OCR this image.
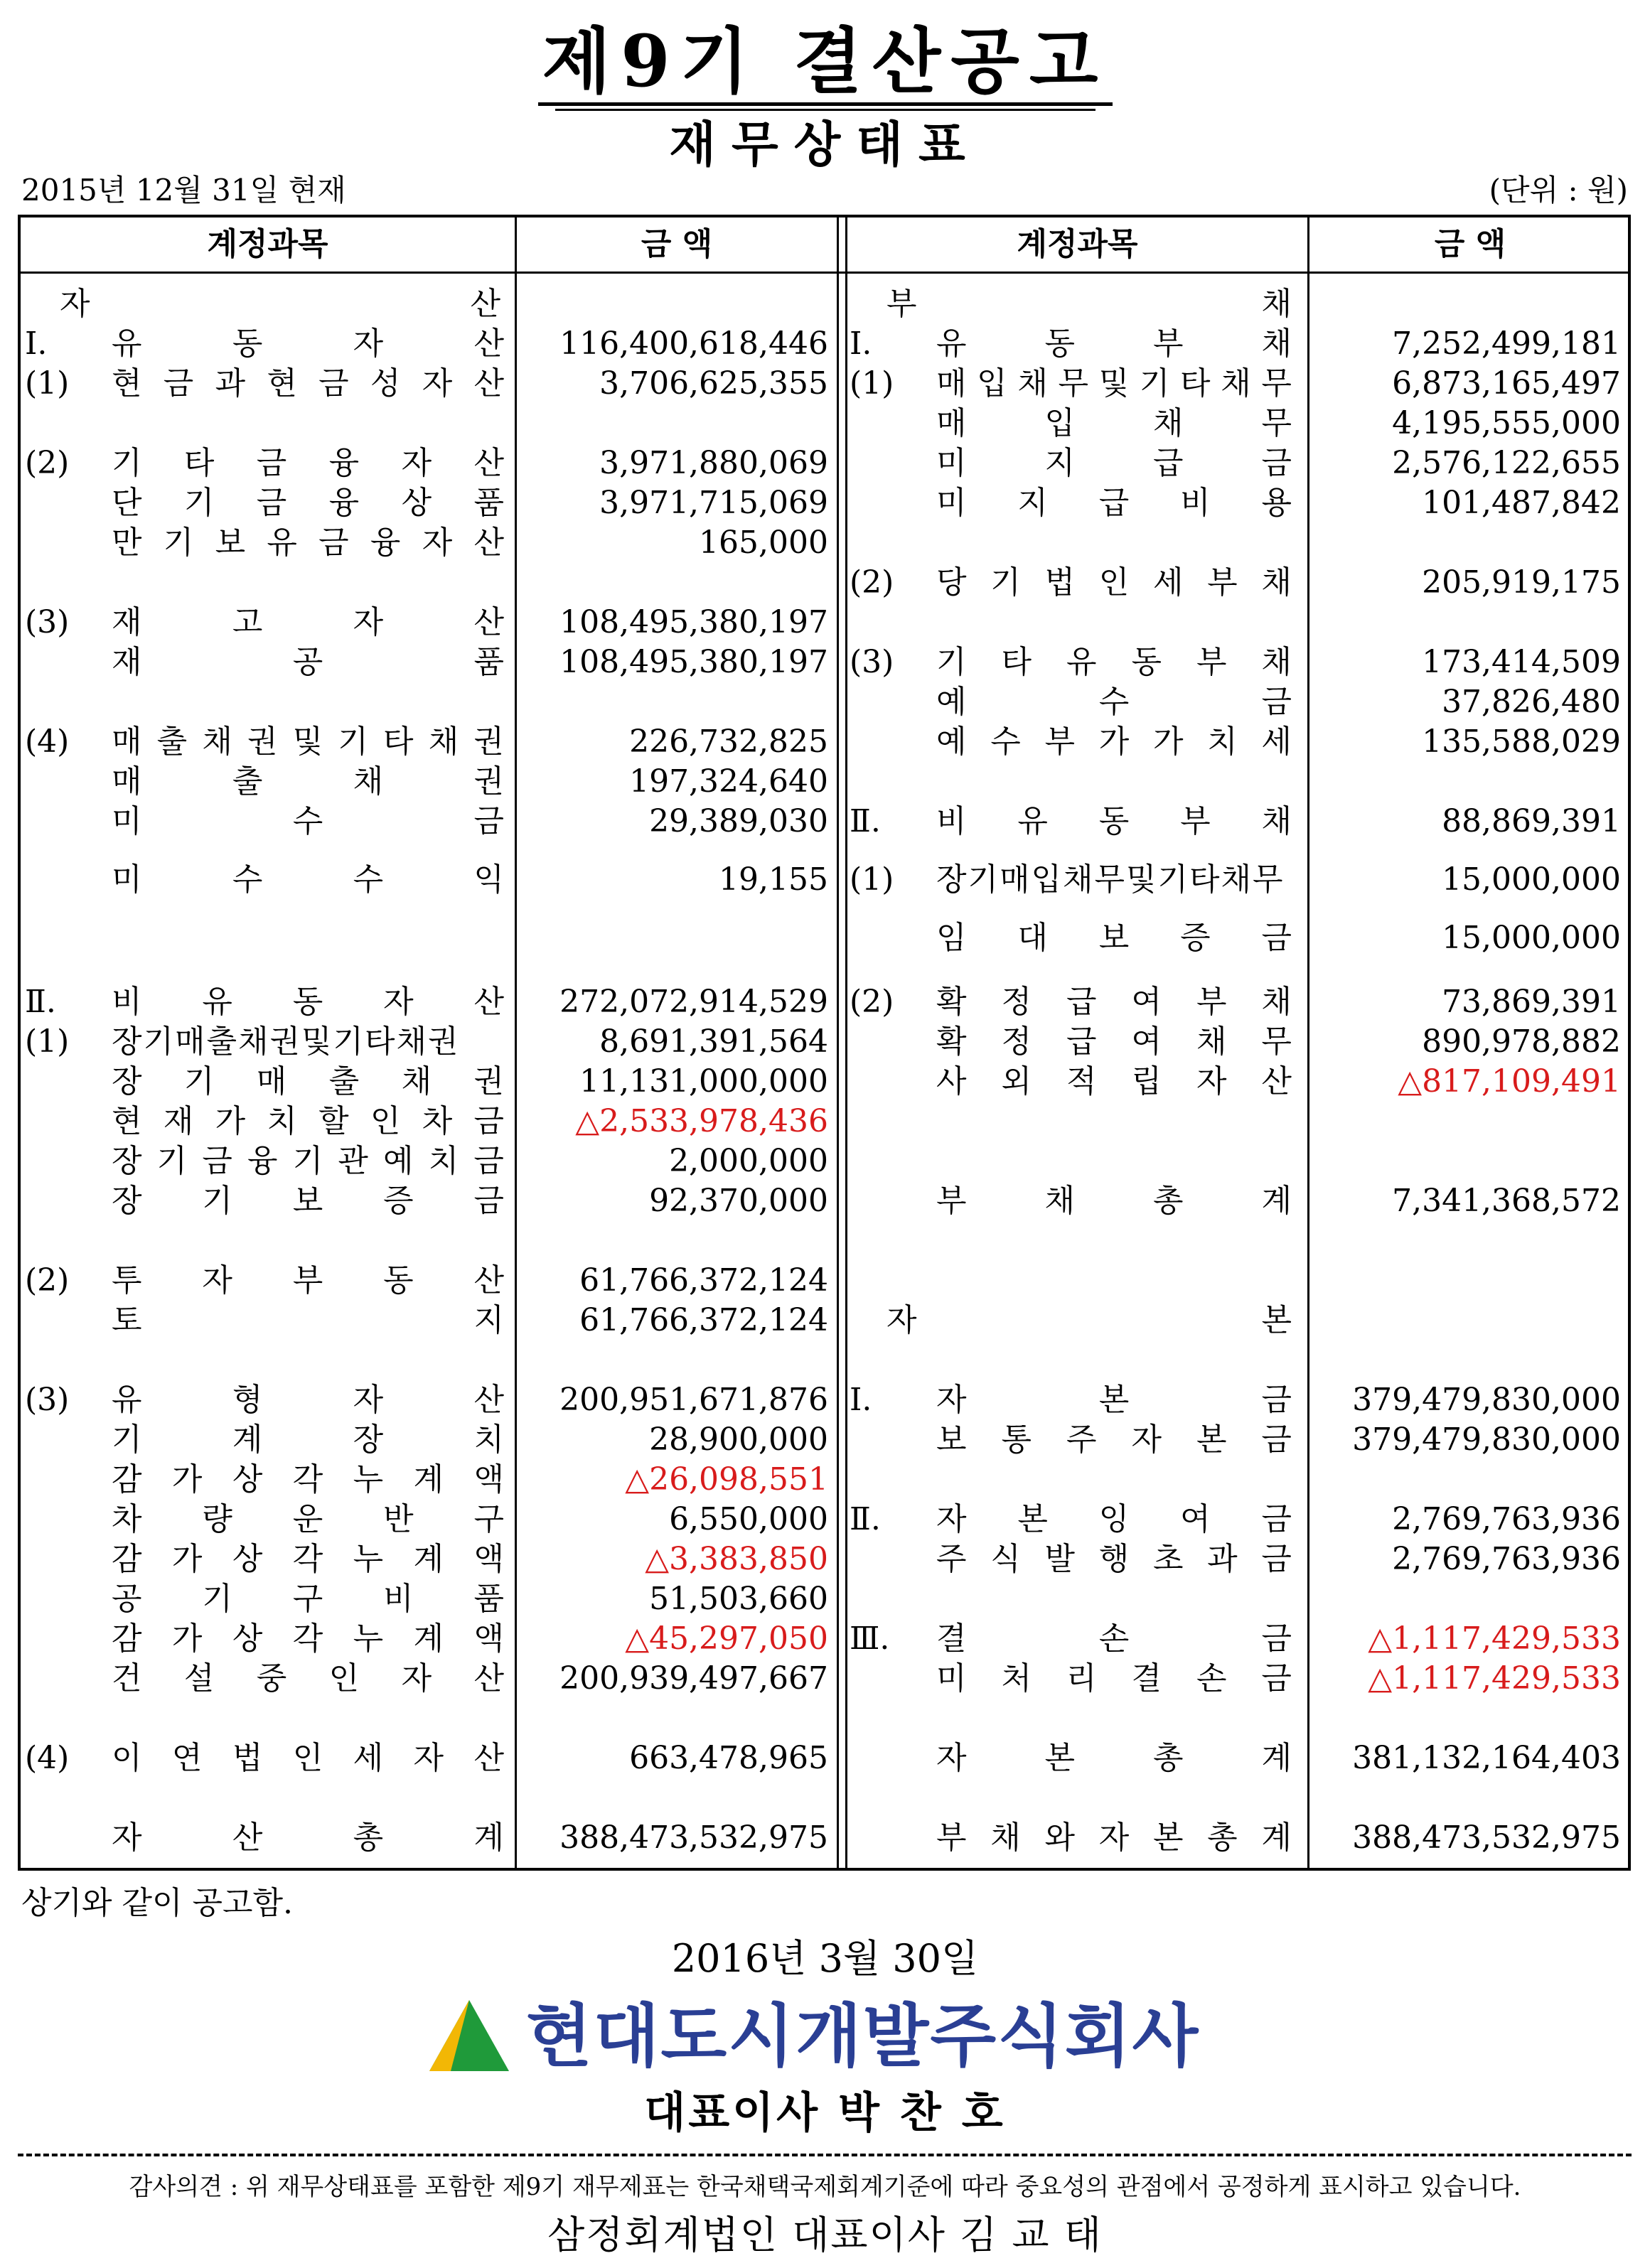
제9기 결산공고
재무상태표
2015년 12월 31일 현재	(단위 : 원)
계정과목	금 액	계정과목	금 액
자	산
I. 유	동	자	산	116,400,618,446
(1) 현 금 과 현 금 성 자 산	3,706,625,355
(2) 기 타 금 융 자 산	3,971,880,069
단 기 금 융 상 품	3,971,715,069
만 기 보 유 금 융 자 산	165,000
(3) 재	고	자	산	108,495,380,197
재	공	품	108,495,380,197
(4) 매 출 채 권 및 기 타 채 권	226,732,825
매	출	채	권	197,324,640
미	수	금	29,389,030
미	수	수	익	19,155
Ⅱ. 비 유 동 자 산	272,072,914,529
(1) 장기매출채권및기타채권	8,691,391,564
장 기 매 출 채 권	11,131,000,000
현 재 가 치 할 인 차 금	△2,533,978,436
장 기 금 융 기 관 예 치 금	2,000,000
장 기 보 증 금	92,370,000
(2) 투 자 부 동 산	61,766,372,124
토	지	61,766,372,124
(3) 유	형	자	산	200,951,671,876
기	계	장	치	28,900,000
감 가 상 각 누 계 액	△26,098,551
차 량 운 반 구	6,550,000
감 가 상 각 누 계 액	△3,383,850
공 기 구 비 품	51,503,660
감 가 상 각 누 계 액	△45,297,050
건 설 중 인 자 산	200,939,497,667
(4) 이 연 법 인 세 자 산	663,478,965
자	산	총	계	388,473,532,975
부	채
I. 유 동 부 채	7,252,499,181
(1) 매 입 채 무 및 기 타 채 무	6,873,165,497
매 입 채 무	4,195,555,000
미 지 급 금	2,576,122,655
미 지 급 비 용	101,487,842
(2) 당 기 법 인 세 부 채	205,919,175
(3) 기 타 유 동 부 채	173,414,509
예	수	금	37,826,480
예 수 부 가 가 치 세	135,588,029
Ⅱ. 비 유 동 부 채	88,869,391
(1) 장기매입채무및기타채무	15,000,000
임 대 보 증 금	15,000,000
(2) 확 정 급 여 부 채	73,869,391
확 정 급 여 채 무	890,978,882
사 외 적 립 자 산	△817,109,491
부 채 총 계	7,341,368,572
자	본
I. 자	본	금	379,479,830,000
보 통 주 자 본 금	379,479,830,000
Ⅱ. 자 본 잉 여 금	2,769,763,936
주 식 발 행 초 과 금	2,769,763,936
Ⅲ. 결	손	금	△1,117,429,533
미 처 리 결 손 금	△1,117,429,533
자 본 총 계	381,132,164,403
부 채 와 자 본 총 계	388,473,532,975
상기와 같이 공고함.
2016년 3월 30일
현대도시개발주식회사
대표이사 박 찬 호
감사의견 : 위 재무상태표를 포함한 제9기 재무제표는 한국채택국제회계기준에 따라 중요성의 관점에서 공정하게 표시하고 있습니다.
삼정회계법인 대표이사 김 교 태
